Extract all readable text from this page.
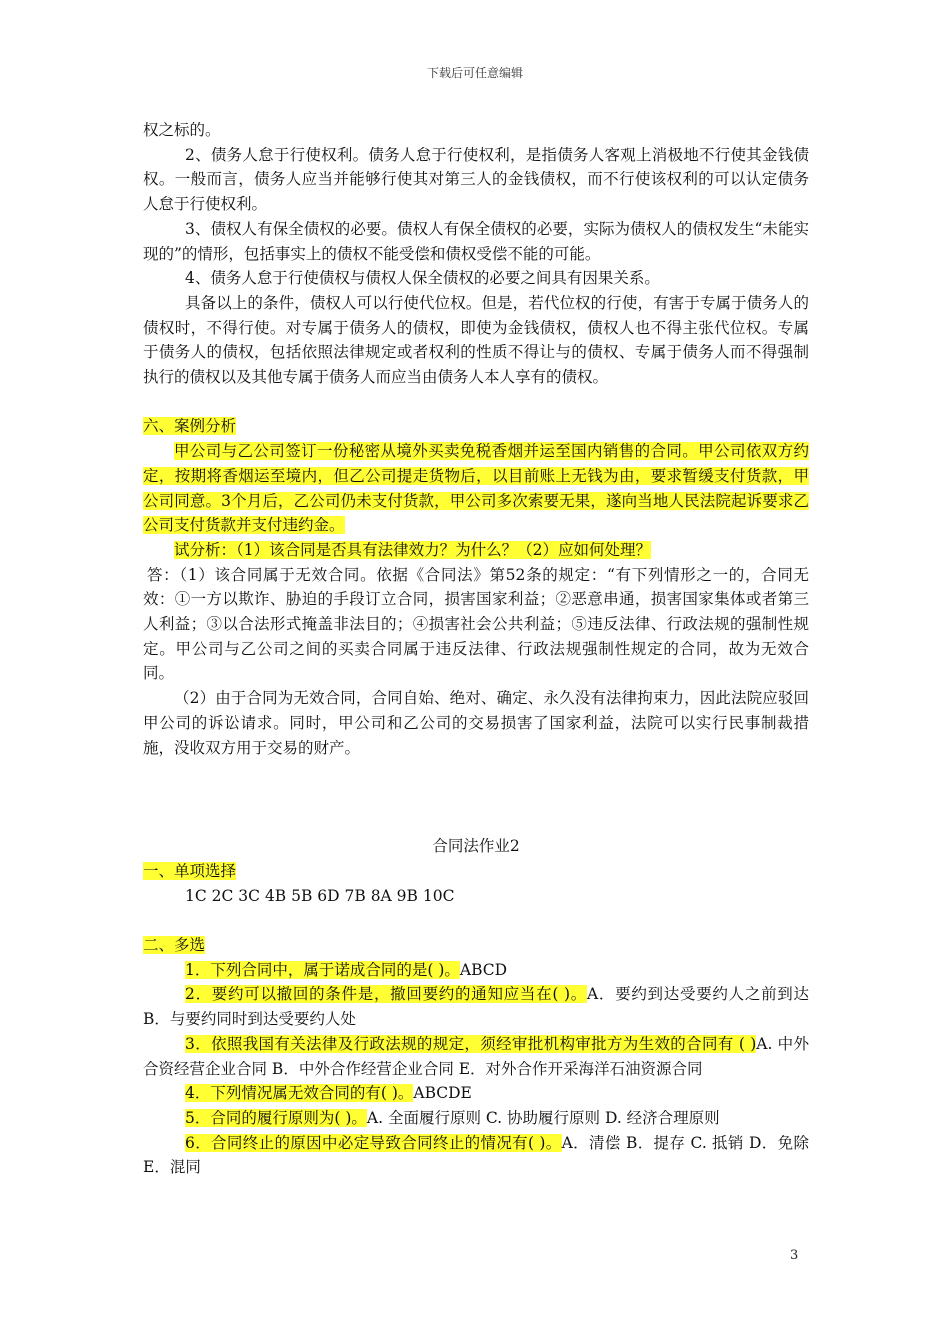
下载后可任意编辑

权之标的。

2、债务人怠于行使权利。债务人怠于行使权利，是指债务人客观上消极地不行使其金钱债权。一般而言，债务人应当并能够行使其对第三人的金钱债权，而不行使该权利的可以认定债务人怠于行使权利。

3、债权人有保全债权的必要。债权人有保全债权的必要，实际为债权人的债权发生“未能实现的”的情形，包括事实上的债权不能受偿和债权受偿不能的可能。

4、债务人怠于行使债权与债权人保全债权的必要之间具有因果关系。

具备以上的条件，债权人可以行使代位权。但是，若代位权的行使，有害于专属于债务人的债权时，不得行使。对专属于债务人的债权，即使为金钱债权，债权人也不得主张代位权。专属于债务人的债权，包括依照法律规定或者权利的性质不得让与的债权、专属于债务人而不得强制执行的债权以及其他专属于债务人而应当由债务人本人享有的债权。

六、案例分析

甲公司与乙公司签订一份秘密从境外买卖免税香烟并运至国内销售的合同。甲公司依双方约定，按期将香烟运至境内，但乙公司提走货物后，以目前账上无钱为由，要求暂缓支付货款，甲公司同意。3个月后，乙公司仍未支付货款，甲公司多次索要无果，遂向当地人民法院起诉要求乙公司支付货款并支付违约金。

试分析：（1）该合同是否具有法律效力？为什么？（2）应如何处理？

答：（1）该合同属于无效合同。依据《合同法》第52条的规定：“有下列情形之一的，合同无效：①一方以欺诈、胁迫的手段订立合同，损害国家利益；②恶意串通，损害国家集体或者第三人利益；③以合法形式掩盖非法目的；④损害社会公共利益；⑤违反法律、行政法规的强制性规定。甲公司与乙公司之间的买卖合同属于违反法律、行政法规强制性规定的合同，故为无效合同。

（2）由于合同为无效合同，合同自始、绝对、确定、永久没有法律拘束力，因此法院应驳回甲公司的诉讼请求。同时，甲公司和乙公司的交易损害了国家利益，法院可以实行民事制裁措施，没收双方用于交易的财产。

合同法作业2

一、单项选择

1C 2C 3C 4B 5B 6D 7B 8A 9B 10C

二、多选

1．下列合同中，属于诺成合同的是( )。ABCD

2．要约可以撤回的条件是，撤回要约的通知应当在( )。A．要约到达受要约人之前到达 B．与要约同时到达受要约人处

3．依照我国有关法律及行政法规的规定，须经审批机构审批方为生效的合同有 ( )A. 中外合资经营企业合同 B．中外合作经营企业合同 E．对外合作开采海洋石油资源合同

4．下列情况属无效合同的有( )。ABCDE

5．合同的履行原则为( )。A. 全面履行原则 C. 协助履行原则 D. 经济合理原则

6．合同终止的原因中必定导致合同终止的情况有( )。A．清偿 B．提存 C. 抵销 D．免除 E．混同

3
